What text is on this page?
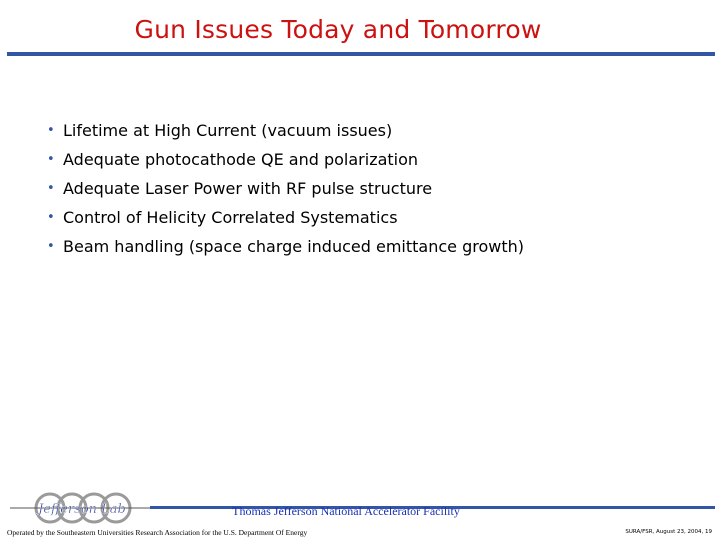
Gun Issues Today and Tomorrow
• Lifetime at High Current (vacuum issues)
• Adequate photocathode QE and polarization
• Adequate Laser Power with RF pulse structure
• Control of Helicity Correlated Systematics
• Beam handling (space charge induced emittance growth)
Jefferson Lab	Thomas Jefferson National Accelerator Facility
Operated by the Southeastern Universities Research Association for the U.S. Department Of Energy	SURA/FSR, August 23, 2004, 19
